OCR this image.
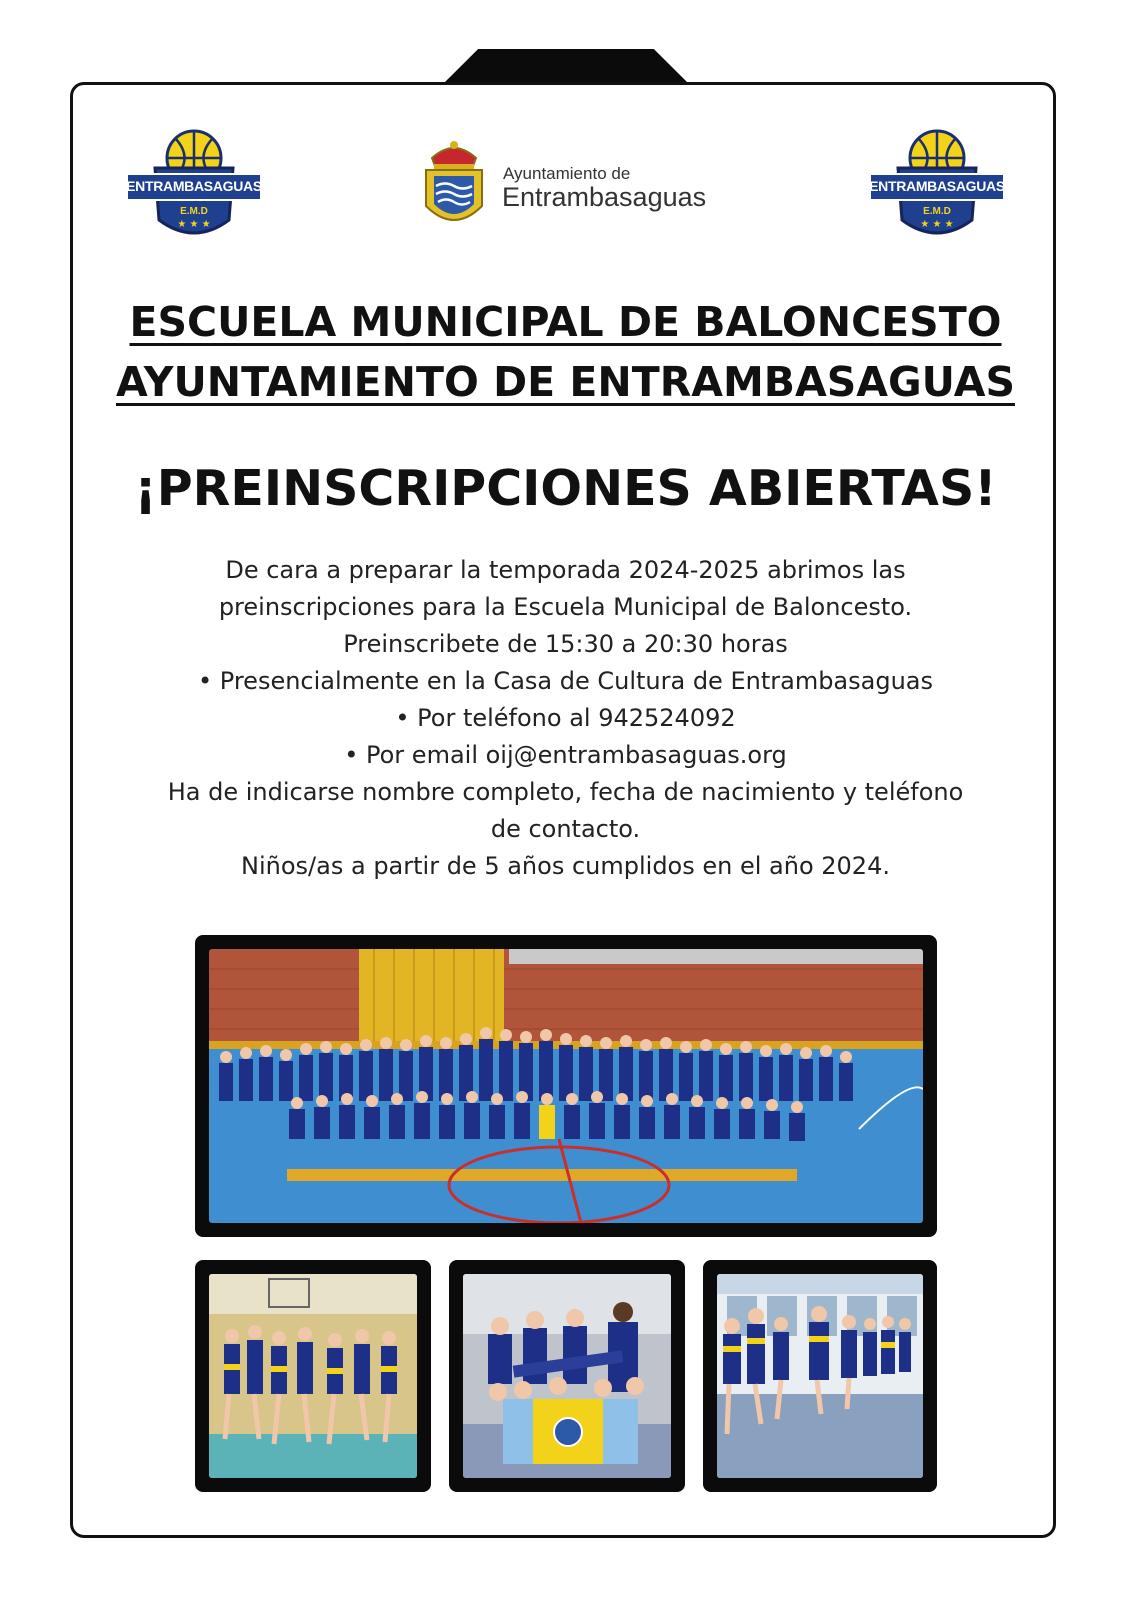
★ ★ ★
ENTRAMBASAGUAS
E.M.D
Ayuntamiento de
Entrambasaguas
★ ★ ★
ENTRAMBASAGUAS
E.M.D
ESCUELA MUNICIPAL DE BALONCESTO
AYUNTAMIENTO DE ENTRAMBASAGUAS
¡PREINSCRIPCIONES ABIERTAS!
De cara a preparar la temporada 2024-2025 abrimos las
preinscripciones para la Escuela Municipal de Baloncesto.
Preinscribete de 15:30 a 20:30 horas
• Presencialmente en la Casa de Cultura de Entrambasaguas
• Por teléfono al 942524092
• Por email oij@entrambasaguas.org
Ha de indicarse nombre completo, fecha de nacimiento y teléfono
de contacto.
Niños/as a partir de 5 años cumplidos en el año 2024.
